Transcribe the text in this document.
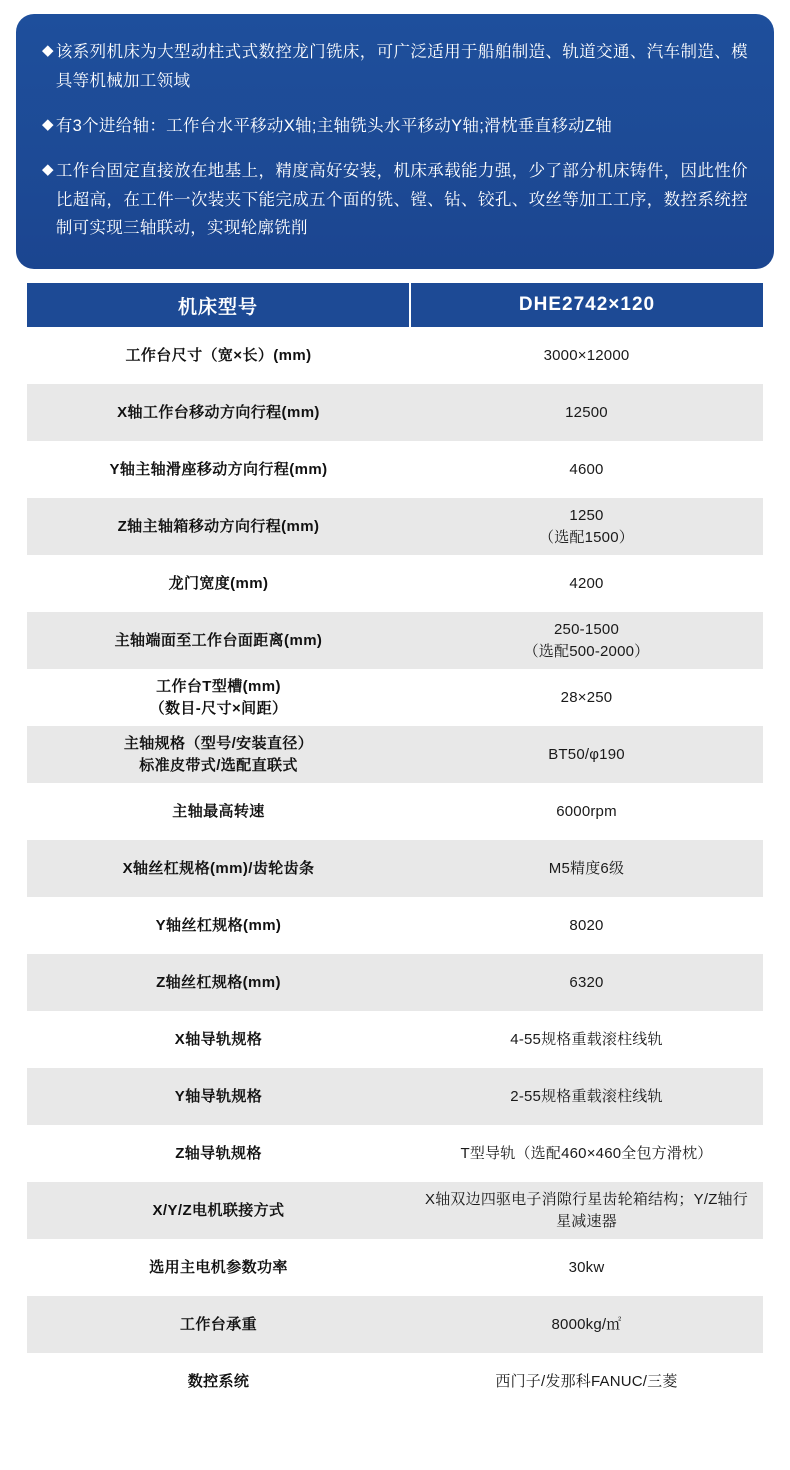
◆ 该系列机床为大型动柱式式数控龙门铣床，可广泛适用于船舶制造、轨道交通、汽车制造、模具等机械加工领域
◆ 有3个进给轴：工作台水平移动X轴;主轴铣头水平移动Y轴;滑枕垂直移动Z轴
◆ 工作台固定直接放在地基上，精度高好安装，机床承载能力强，少了部分机床铸件，因此性价比超高，在工件一次装夹下能完成五个面的铣、镗、钻、铰孔、攻丝等加工工序，数控系统控制可实现三轴联动，实现轮廓铣削
机床型号	DHE2742×120
工作台尺寸（宽×长）(mm)	3000×12000
X轴工作台移动方向行程(mm)	12500
Y轴主轴滑座移动方向行程(mm)	4600
Z轴主轴箱移动方向行程(mm)	1250
（选配1500）

龙门宽度(mm)	4200
主轴端面至工作台面距离(mm)	250-1500
（选配500-2000）

工作台T型槽(mm)
（数目-尺寸×间距）	28×250

主轴规格（型号/安装直径）
标准皮带式/选配直联式	BT50/φ190
主轴最高转速	6000rpm
X轴丝杠规格(mm)/齿轮齿条	M5精度6级
Y轴丝杠规格(mm)	8020
Z轴丝杠规格(mm)	6320
X轴导轨规格	4-55规格重载滚柱线轨
Y轴导轨规格	2-55规格重载滚柱线轨
Z轴导轨规格	T型导轨（选配460×460全包方滑枕）
X/Y/Z电机联接方式	X轴双边四驱电子消隙行星齿轮箱结构；Y/Z轴行
星减速器

选用主电机参数功率	30kw
工作台承重	8000kg/㎡
数控系统	西门子/发那科FANUC/三菱
